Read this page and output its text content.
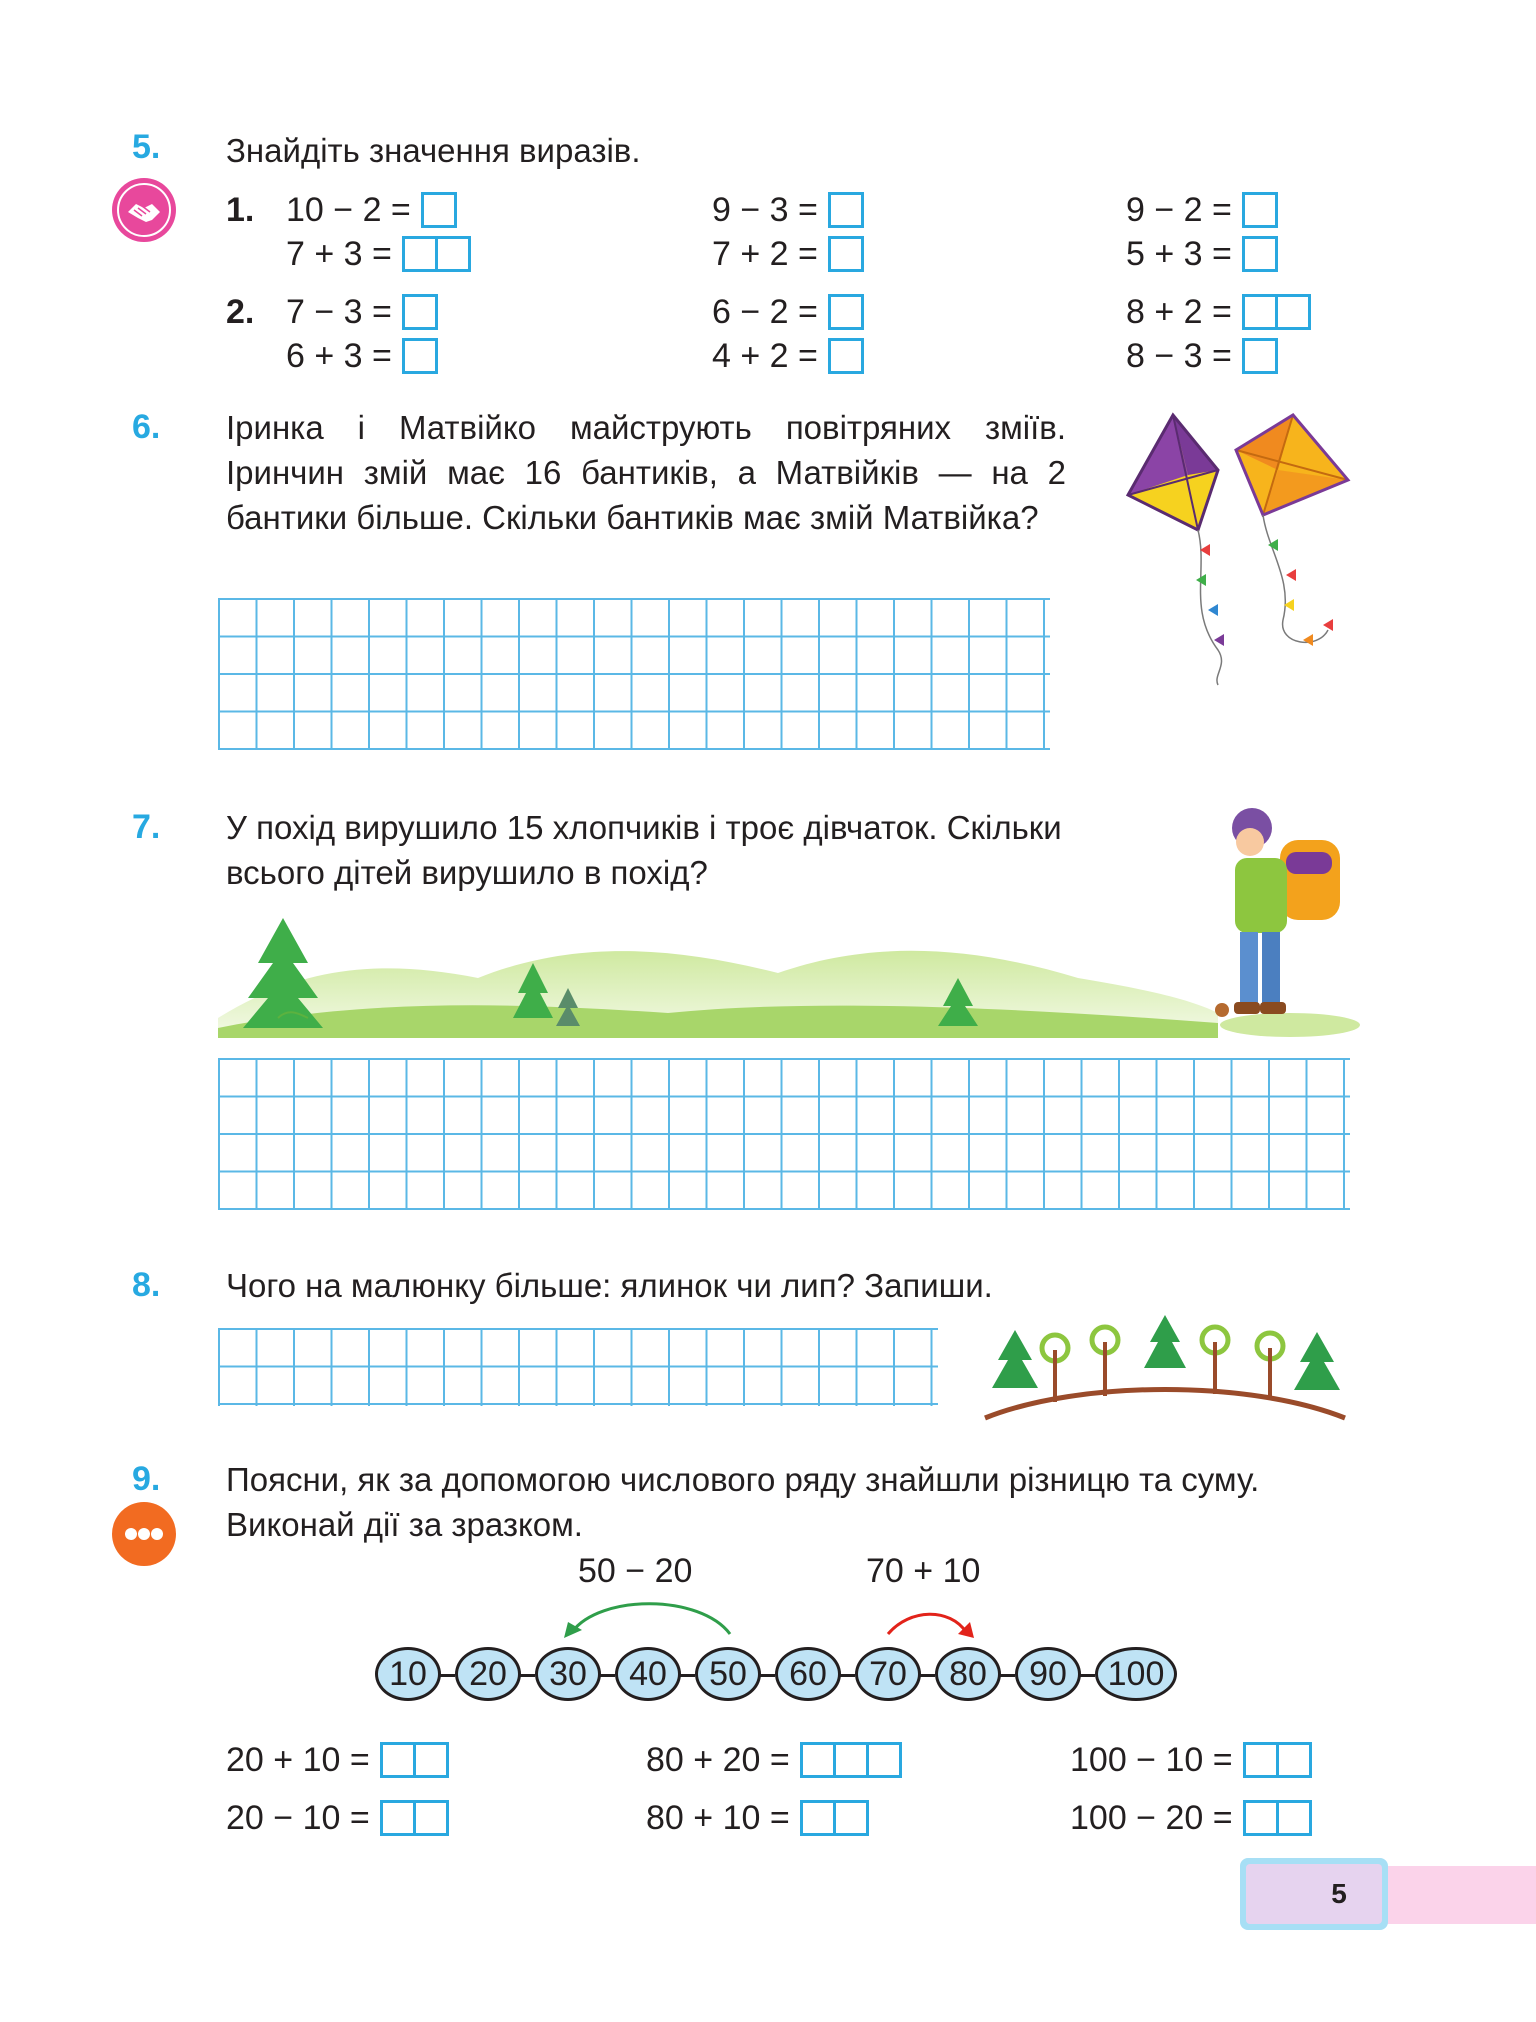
5. Знайдіть значення виразів.
1. 10 − 2 =	9 − 3 =	9 − 2 =
7 + 3 =	7 + 2 =	5 + 3 =
2. 7 − 3 =	6 − 2 =	8 + 2 =
6 + 3 =	4 + 2 =	8 − 3 =
6. Іринка і Матвійко майструють повітряних зміїв. Іринчин змій має 16 бантиків, а Матвійків — на 2 бантики більше. Скільки бантиків має змій Матвійка?
7. У похід вирушило 15 хлопчиків і троє дівчаток. Скільки всього дітей вирушило в похід?
8. Чого на малюнку більше: ялинок чи лип? Запиши.
9. Поясни, як за допомогою числового ряду знайшли різницю та суму. Виконай дії за зразком.
50 − 20	70 + 10
10	20	30	40	50	60	70	80	90	100
20 + 10 =	80 + 20 =	100 − 10 =
20 − 10 =	80 + 10 =	100 − 20 =
5
